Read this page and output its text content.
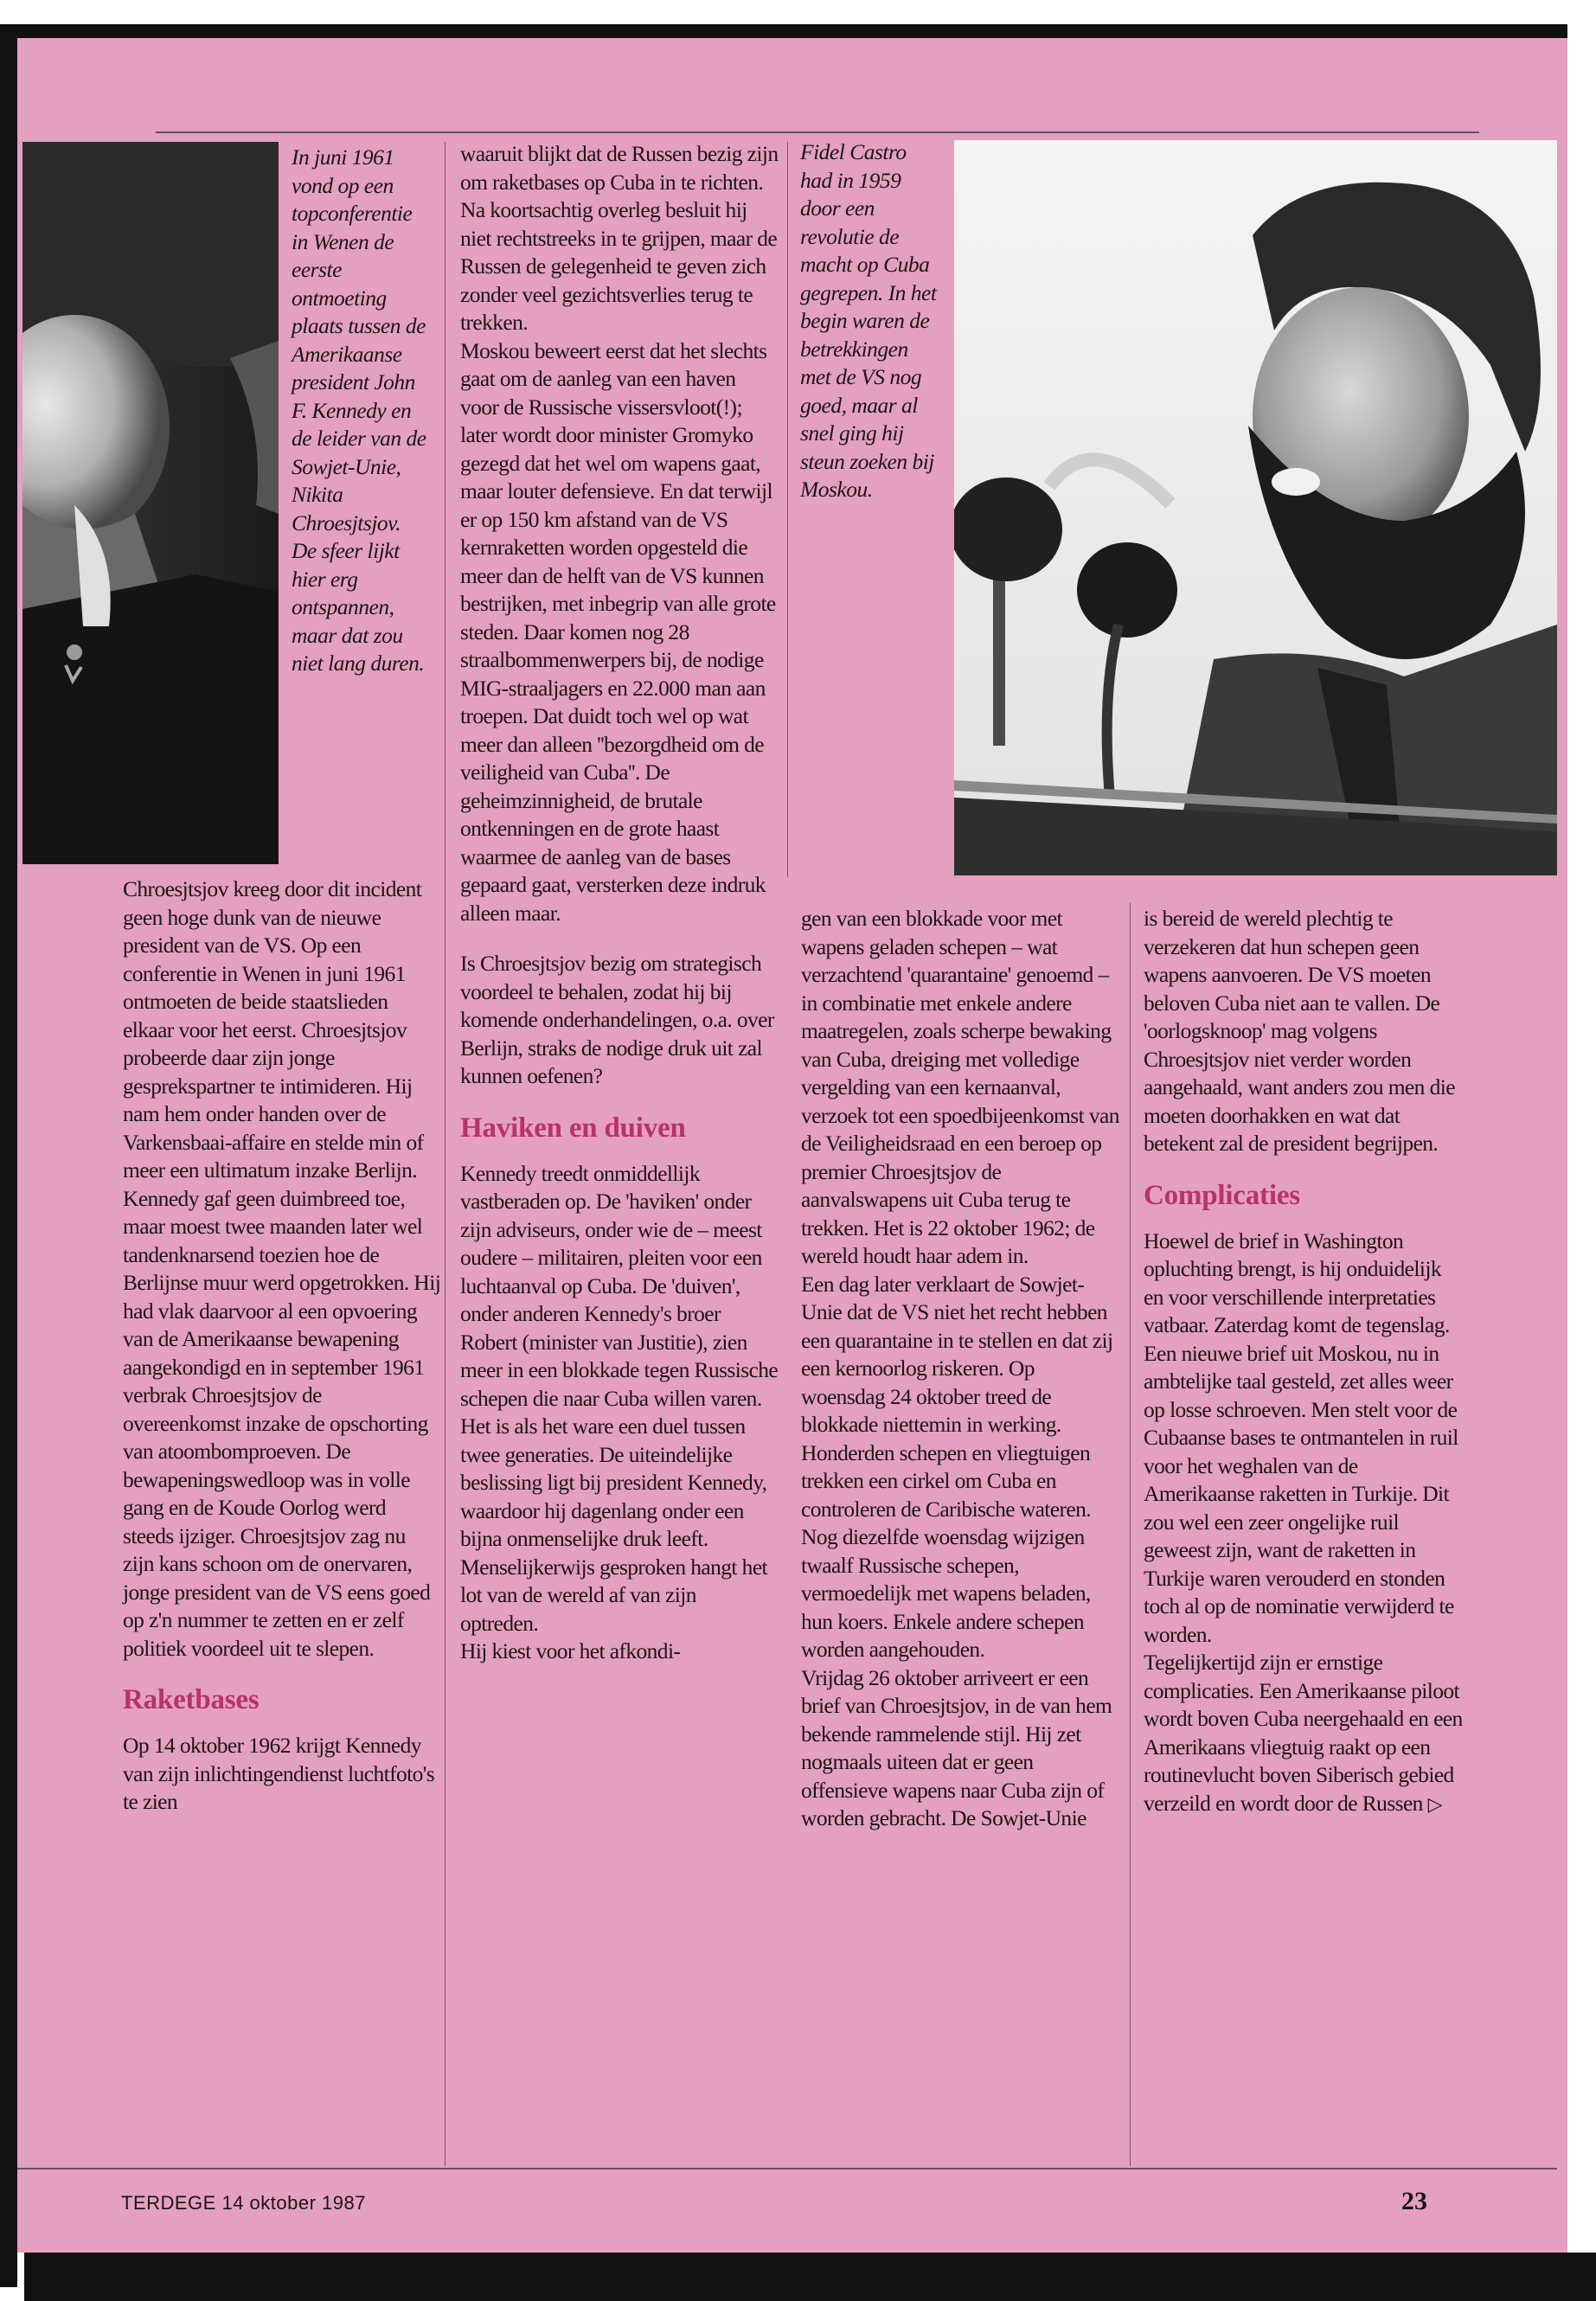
In juni 1961 vond op een topconferentie in Wenen de eerste ontmoeting plaats tussen de Amerikaanse president John F. Kennedy en de leider van de Sowjet-Unie, Nikita Chroesjtsjov. De sfeer lijkt hier erg ontspannen, maar dat zou niet lang duren.
Fidel Castro had in 1959 door een revolutie de macht op Cuba gegrepen. In het begin waren de betrekkingen met de VS nog goed, maar al snel ging hij steun zoeken bij Moskou.

Chroesjtsjov kreeg door dit incident geen hoge dunk van de nieuwe president van de VS. Op een conferentie in Wenen in juni 1961 ontmoeten de beide staatslieden elkaar voor het eerst. Chroesjtsjov probeerde daar zijn jonge gesprekspartner te intimideren. Hij nam hem onder handen over de Varkensbaai-affaire en stelde min of meer een ultimatum inzake Berlijn. Kennedy gaf geen duimbreed toe, maar moest twee maanden later wel tandenknarsend toezien hoe de Berlijnse muur werd opgetrokken. Hij had vlak daarvoor al een opvoering van de Amerikaanse bewapening aangekondigd en in september 1961 verbrak Chroesjtsjov de overeenkomst inzake de opschorting van atoombomproeven. De bewapeningswedloop was in volle gang en de Koude Oorlog werd steeds ijziger. Chroesjtsjov zag nu zijn kans schoon om de onervaren, jonge president van de VS eens goed op z'n nummer te zetten en er zelf politiek voordeel uit te slepen.

Raketbases

Op 14 oktober 1962 krijgt Kennedy van zijn inlichtingendienst luchtfoto's te zien

waaruit blijkt dat de Russen bezig zijn om raketbases op Cuba in te richten. Na koortsachtig overleg besluit hij niet rechtstreeks in te grijpen, maar de Russen de gelegenheid te geven zich zonder veel gezichtsverlies terug te trekken.

Moskou beweert eerst dat het slechts gaat om de aanleg van een haven voor de Russische vissersvloot(!); later wordt door minister Gromyko gezegd dat het wel om wapens gaat, maar louter defensieve. En dat terwijl er op 150 km afstand van de VS kernraketten worden opgesteld die meer dan de helft van de VS kunnen bestrijken, met inbegrip van alle grote steden. Daar komen nog 28 straalbommenwerpers bij, de nodige MIG-straaljagers en 22.000 man aan troepen. Dat duidt toch wel op wat meer dan alleen ''bezorgdheid om de veiligheid van Cuba''. De geheimzinnigheid, de brutale ontkenningen en de grote haast waarmee de aanleg van de bases gepaard gaat, versterken deze indruk alleen maar.

Is Chroesjtsjov bezig om strategisch voordeel te behalen, zodat hij bij komende onderhandelingen, o.a. over Berlijn, straks de nodige druk uit zal kunnen oefenen?

Haviken en duiven

Kennedy treedt onmiddellijk vastberaden op. De 'haviken' onder zijn adviseurs, onder wie de – meest oudere – militairen, pleiten voor een luchtaanval op Cuba. De 'duiven', onder anderen Kennedy's broer Robert (minister van Justitie), zien meer in een blokkade tegen Russische schepen die naar Cuba willen varen. Het is als het ware een duel tussen twee generaties. De uiteindelijke beslissing ligt bij president Kennedy, waardoor hij dagenlang onder een bijna onmenselijke druk leeft. Menselijkerwijs gesproken hangt het lot van de wereld af van zijn optreden.

Hij kiest voor het afkondi-

gen van een blokkade voor met wapens geladen schepen – wat verzachtend 'quarantaine' genoemd – in combinatie met enkele andere maatregelen, zoals scherpe bewaking van Cuba, dreiging met volledige vergelding van een kernaanval, verzoek tot een spoedbijeenkomst van de Veiligheidsraad en een beroep op premier Chroesjtsjov de aanvalswapens uit Cuba terug te trekken. Het is 22 oktober 1962; de wereld houdt haar adem in.

Een dag later verklaart de Sowjet-Unie dat de VS niet het recht hebben een quarantaine in te stellen en dat zij een kernoorlog riskeren. Op woensdag 24 oktober treed de blokkade niettemin in werking. Honderden schepen en vliegtuigen trekken een cirkel om Cuba en controleren de Caribische wateren. Nog diezelfde woensdag wijzigen twaalf Russische schepen, vermoedelijk met wapens beladen, hun koers. Enkele andere schepen worden aangehouden.

Vrijdag 26 oktober arriveert er een brief van Chroesjtsjov, in de van hem bekende rammelende stijl. Hij zet nogmaals uiteen dat er geen offensieve wapens naar Cuba zijn of worden gebracht. De Sowjet-Unie

is bereid de wereld plechtig te verzekeren dat hun schepen geen wapens aanvoeren. De VS moeten beloven Cuba niet aan te vallen. De 'oorlogsknoop' mag volgens Chroesjtsjov niet verder worden aangehaald, want anders zou men die moeten doorhakken en wat dat betekent zal de president begrijpen.

Complicaties

Hoewel de brief in Washington opluchting brengt, is hij onduidelijk en voor verschillende interpretaties vatbaar. Zaterdag komt de tegenslag. Een nieuwe brief uit Moskou, nu in ambtelijke taal gesteld, zet alles weer op losse schroeven. Men stelt voor de Cubaanse bases te ontmantelen in ruil voor het weghalen van de Amerikaanse raketten in Turkije. Dit zou wel een zeer ongelijke ruil geweest zijn, want de raketten in Turkije waren verouderd en stonden toch al op de nominatie verwijderd te worden.

Tegelijkertijd zijn er ernstige complicaties. Een Amerikaanse piloot wordt boven Cuba neergehaald en een Amerikaans vliegtuig raakt op een routinevlucht boven Siberisch gebied verzeild en wordt door de Russen ▷

TERDEGE 14 oktober 1987	23
